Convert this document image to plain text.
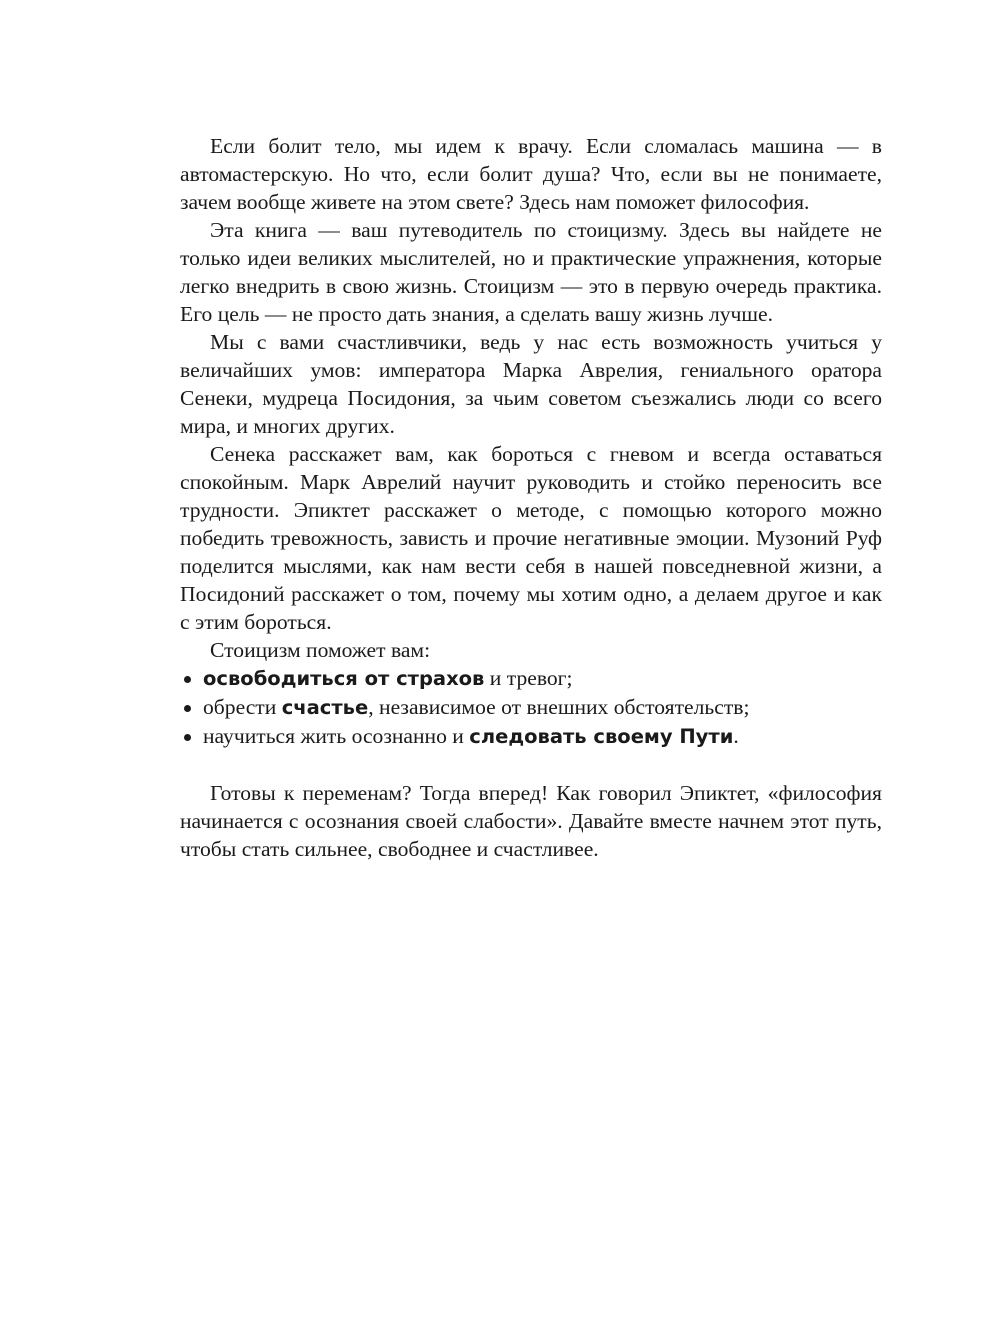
Если болит тело, мы идем к врачу. Если сломалась машина — в автомастерскую. Но что, если болит душа? Что, если вы не понимаете, зачем вообще живете на этом свете? Здесь нам поможет философия.

Эта книга — ваш путеводитель по стоицизму. Здесь вы найдете не только идеи великих мыслителей, но и практические упражнения, которые легко внедрить в свою жизнь. Стоицизм — это в первую очередь практика. Его цель — не просто дать знания, а сделать вашу жизнь лучше.

Мы с вами счастливчики, ведь у нас есть возможность учиться у величайших умов: императора Марка Аврелия, гениального оратора Сенеки, мудреца Посидония, за чьим советом съезжались люди со всего мира, и многих других.

Сенека расскажет вам, как бороться с гневом и всегда оставаться спокойным. Марк Аврелий научит руководить и стойко переносить все трудности. Эпиктет расскажет о методе, с помощью которого можно победить тревожность, зависть и прочие негативные эмоции. Музоний Руф поделится мыслями, как нам вести себя в нашей повседневной жизни, а Посидоний расскажет о том, почему мы хотим одно, а делаем другое и как с этим бороться.

Стоицизм поможет вам:

освободиться от страхов и тревог;
обрести счастье, независимое от внешних обстоятельств;
научиться жить осознанно и следовать своему Пути.

Готовы к переменам? Тогда вперед! Как говорил Эпиктет, «философия начинается с осознания своей слабости». Давайте вместе начнем этот путь, чтобы стать сильнее, свободнее и счастливее.
